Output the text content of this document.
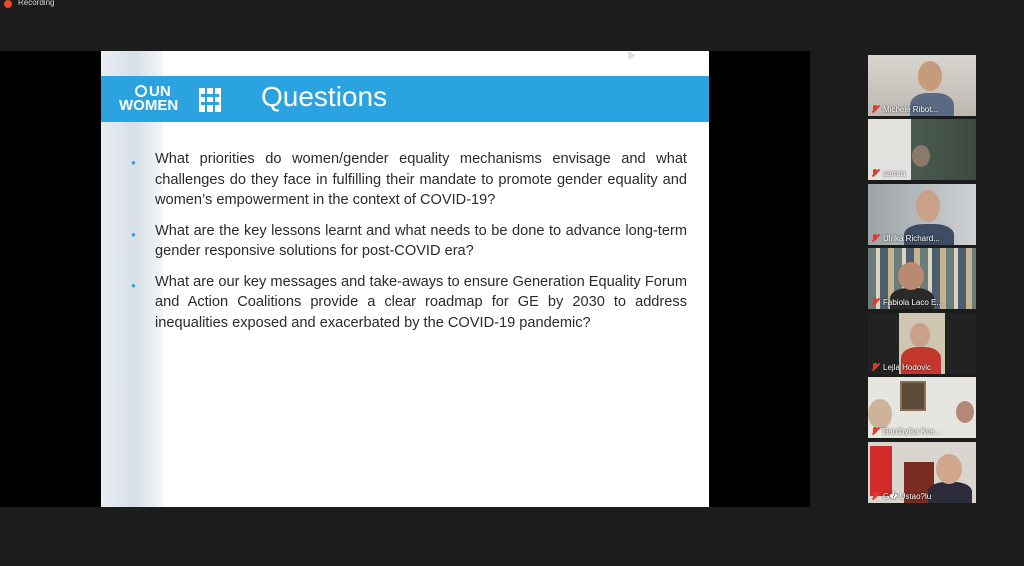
Recording
UN
WOMEN	Questions
● What priorities do women/gender equality mechanisms envisage and what challenges do they face in fulfilling their mandate to promote gender equality and women’s empowerment in the context of COVID-19?
● What are the key lessons learnt and what needs to be done to advance long-term gender responsive solutions for post-COVID era?
● What are our key messages and take-aways to ensure Generation Equality Forum and Action Coalitions provide a clear roadmap for GE by 2030 to address inequalities exposed and exacerbated by the COVID-19 pandemic?
Michele Ribot...
samra
Ulrika Richard...
Fabiola Laco E...
Lejla Hodovic
Bardhylka Kos...
G� Ustao?lu
